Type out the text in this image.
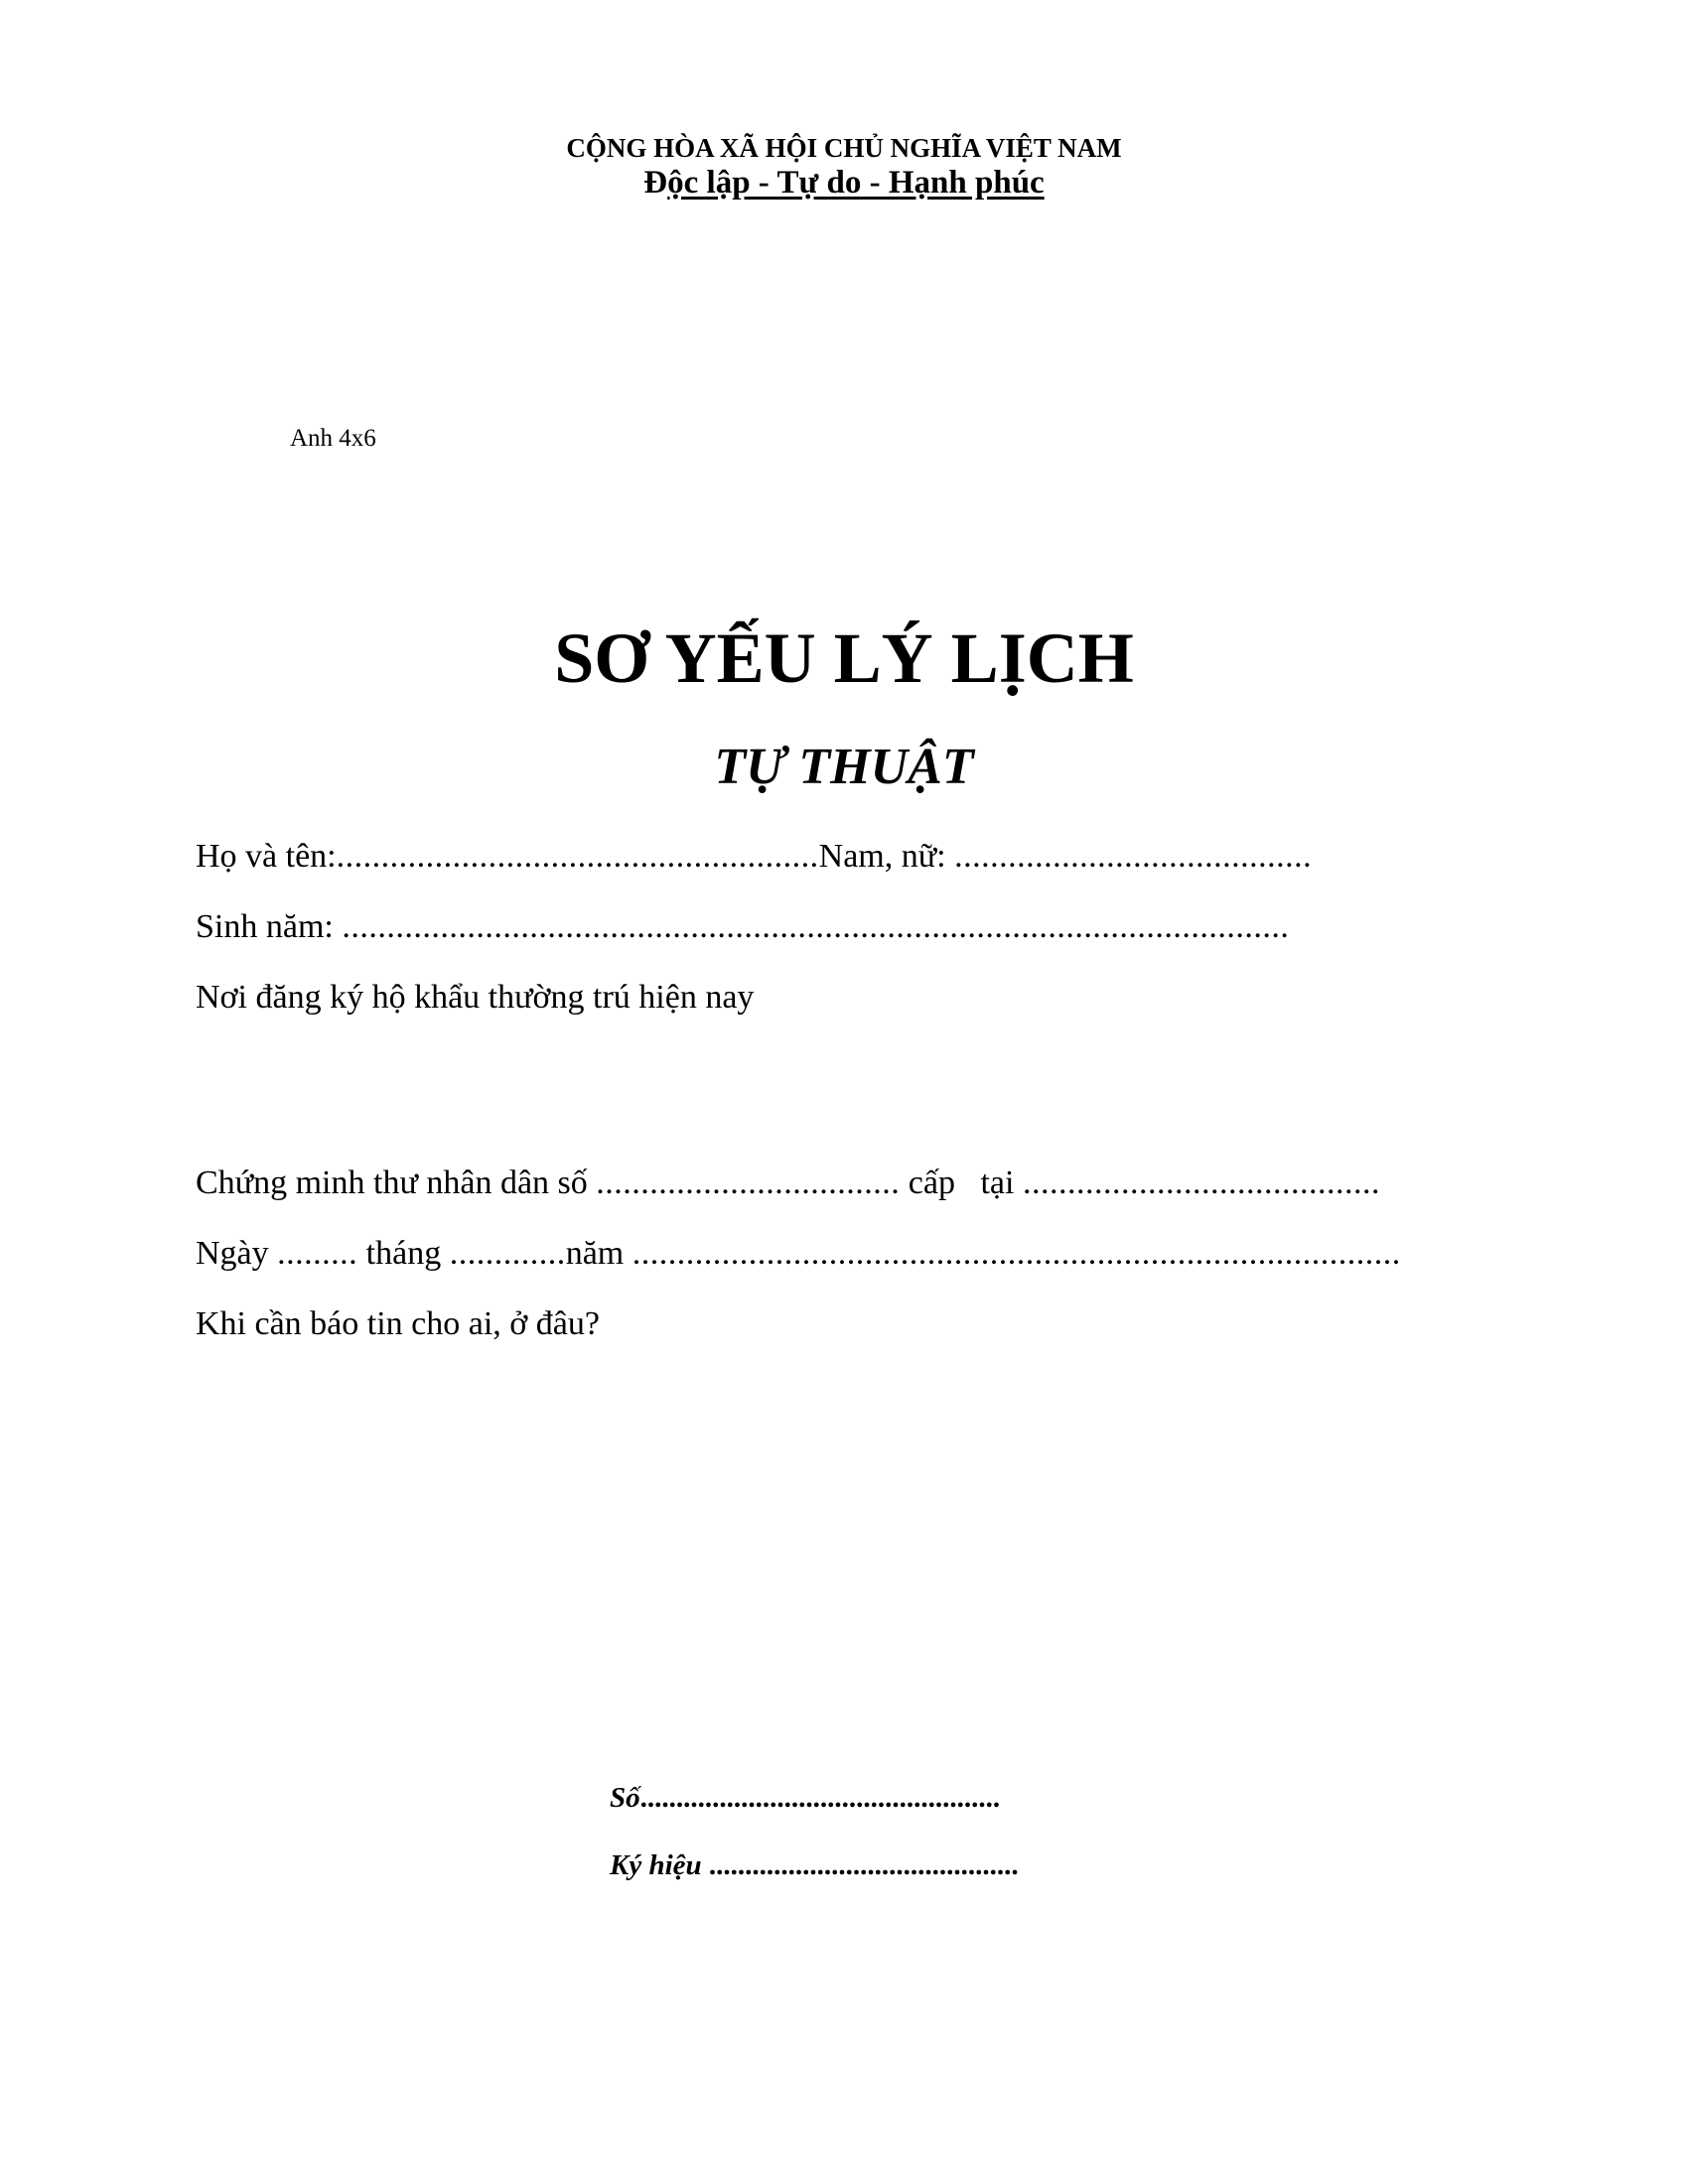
CỘNG HÒA XÃ HỘI CHỦ NGHĨA VIỆT NAM
Độc lập - Tự do - Hạnh phúc
Anh 4x6
SƠ YẾU LÝ LỊCH
TỰ THUẬT
Họ và tên:......................................................Nam, nữ: ........................................
Sinh năm: ..........................................................................................................
Nơi đăng ký hộ khẩu thường trú hiện nay
Chứng minh thư nhân dân số .................................. cấp   tại ........................................
Ngày ......... tháng .............năm ......................................................................................
Khi cần báo tin cho ai, ở đâu?
Số..................................................
Ký hiệu ...........................................
